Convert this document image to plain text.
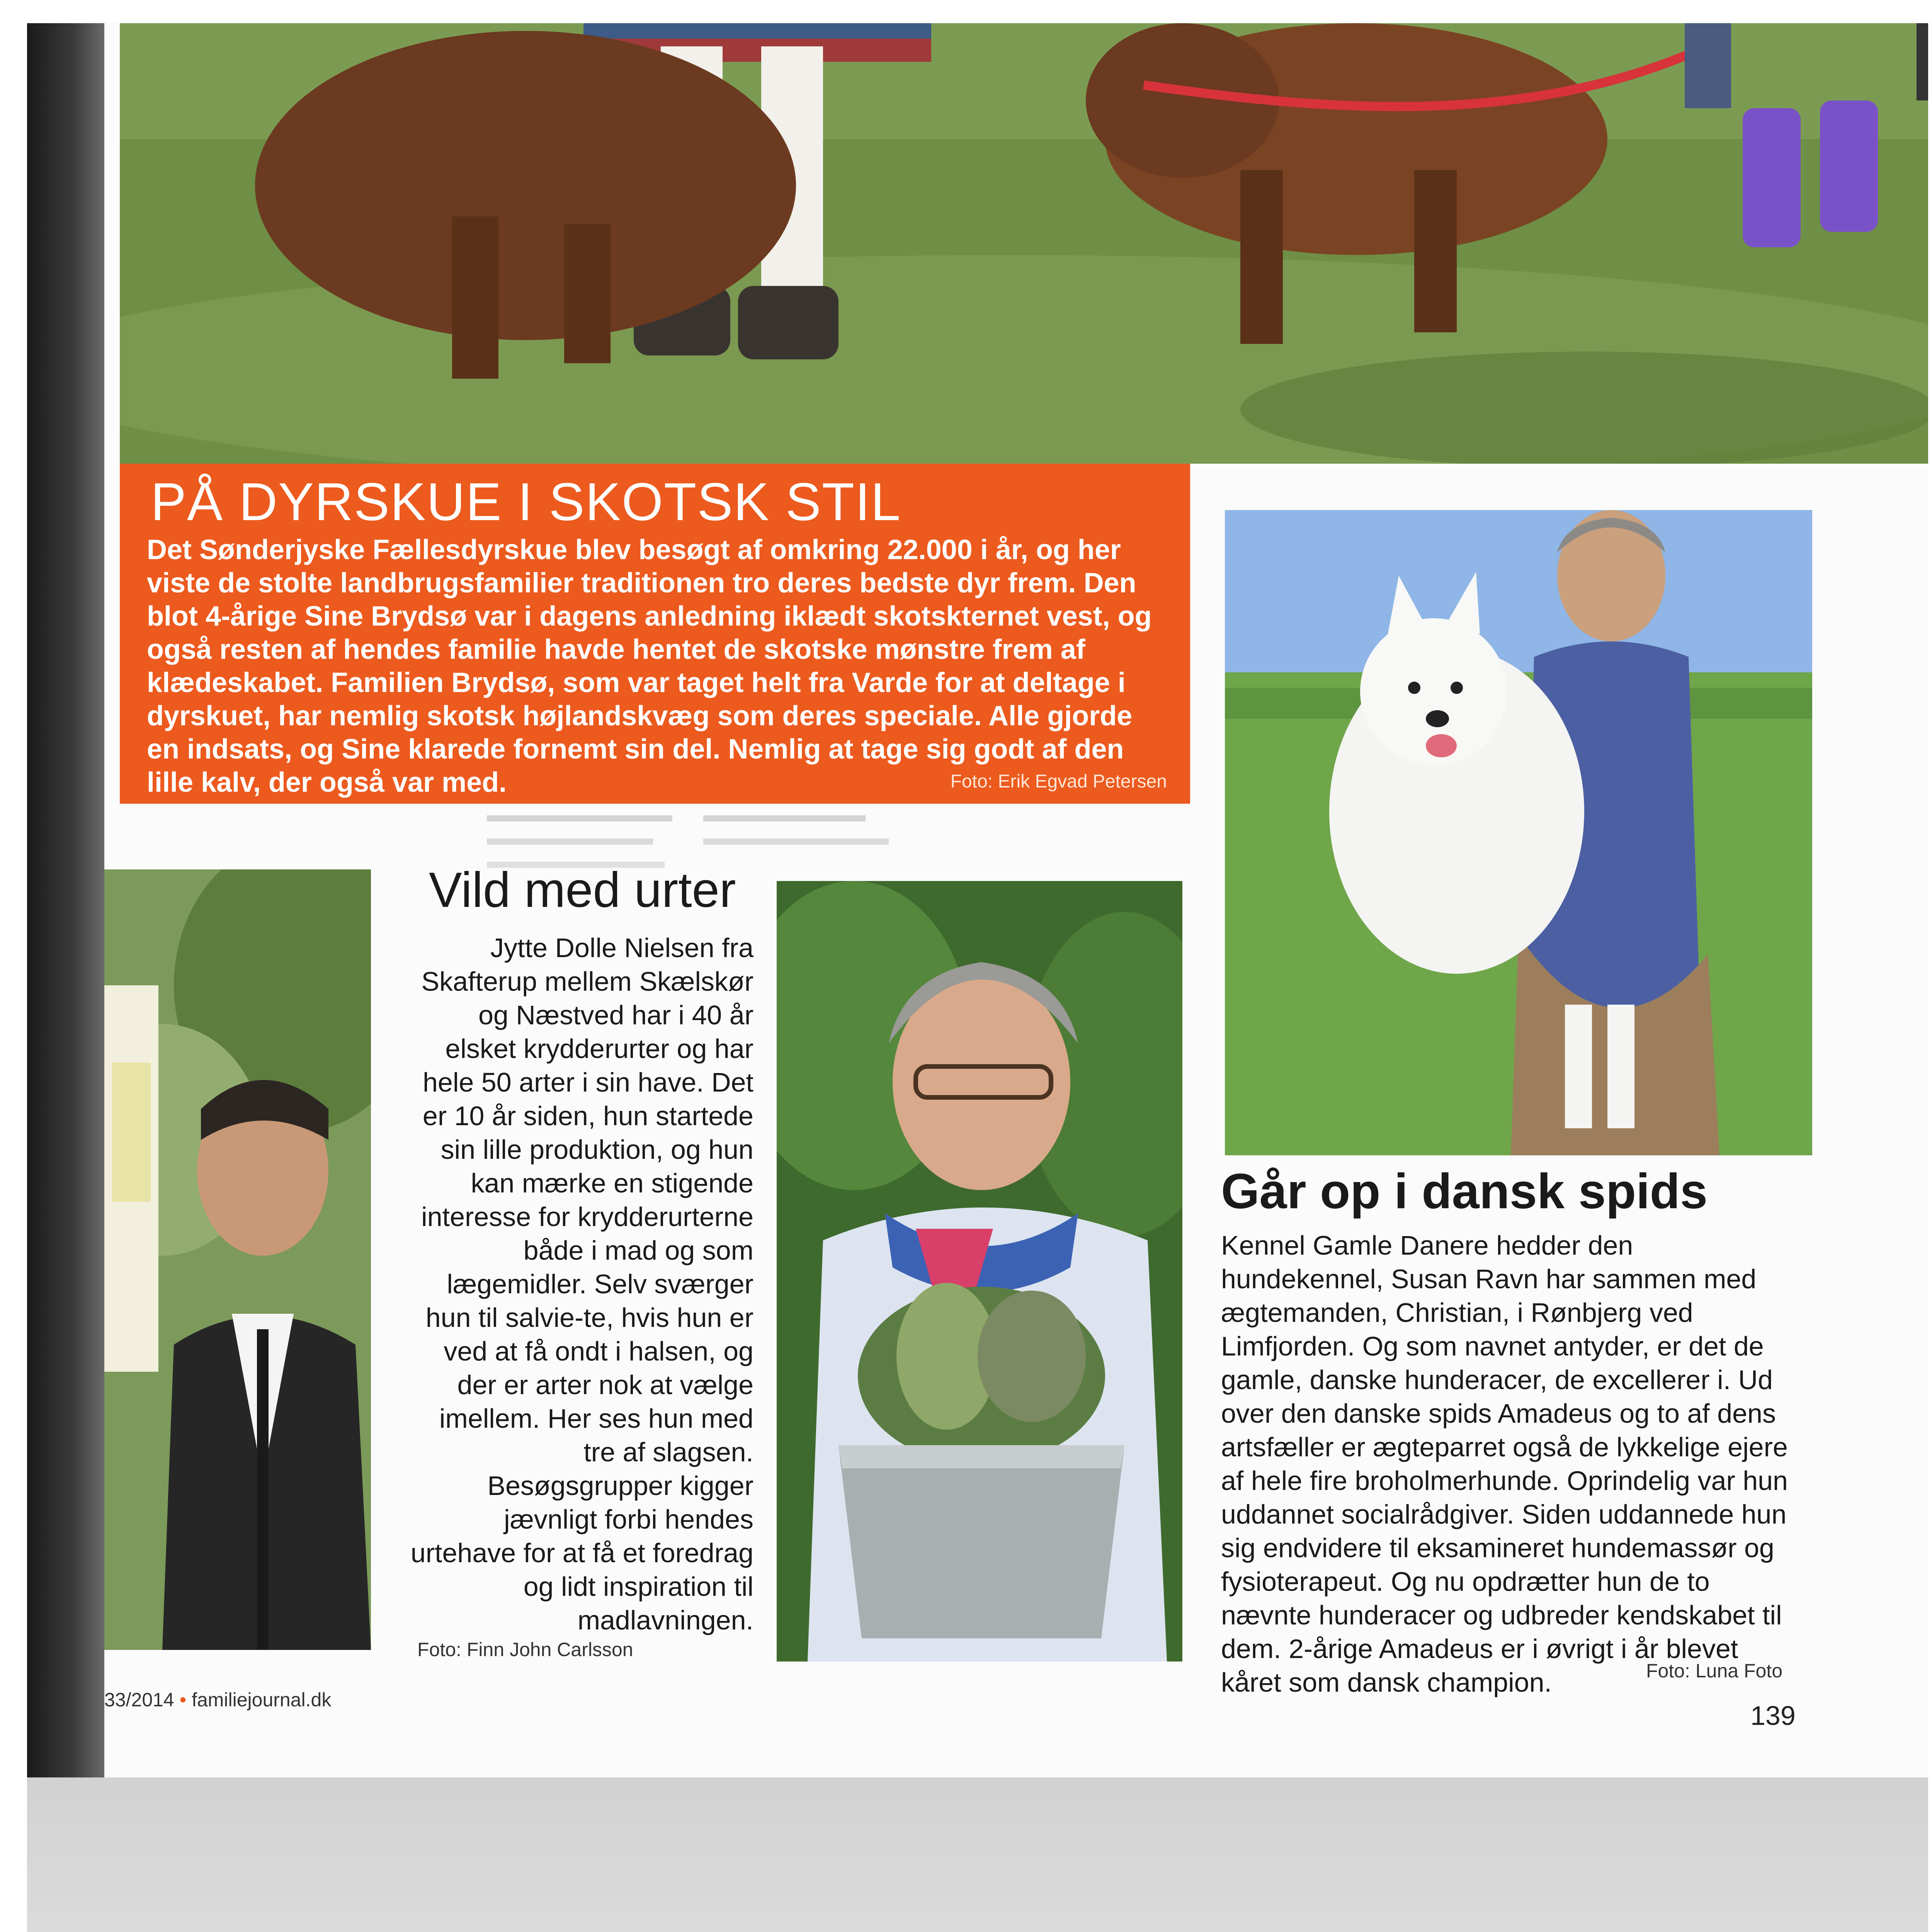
PÅ DYRSKUE I SKOTSK STIL
Det Sønderjyske Fællesdyrskue blev besøgt af omkring 22.000 i år, og her viste de stolte landbrugsfamilier traditionen tro deres bedste dyr frem. Den blot 4-årige Sine Brydsø var i dagens anledning iklædt skotskternet vest, og også resten af hendes familie havde hentet de skotske mønstre frem af klædeskabet. Familien Brydsø, som var taget helt fra Varde for at deltage i dyrskuet, har nemlig skotsk højlandskvæg som deres speciale. Alle gjorde en indsats, og Sine klarede fornemt sin del. Nemlig at tage sig godt af den lille kalv, der også var med.	Foto: Erik Egvad Petersen
Vild med urter
Jytte Dolle Nielsen fra Skafterup mellem Skælskør og Næstved har i 40 år elsket krydderurter og har hele 50 arter i sin have. Det er 10 år siden, hun startede sin lille produktion, og hun kan mærke en stigende interesse for krydderurterne både i mad og som lægemidler. Selv sværger hun til salvie-te, hvis hun er ved at få ondt i halsen, og der er arter nok at vælge imellem. Her ses hun med tre af slagsen. Besøgsgrupper kigger jævnligt forbi hendes urtehave for at få et foredrag og lidt inspiration til madlavningen.
Foto: Finn John Carlsson
Går op i dansk spids
Kennel Gamle Danere hedder den hundekennel, Susan Ravn har sammen med ægtemanden, Christian, i Rønbjerg ved Limfjorden. Og som navnet antyder, er det de gamle, danske hunderacer, de excellerer i. Ud over den danske spids Amadeus og to af dens artsfæller er ægteparret også de lykkelige ejere af hele fire broholmerhunde. Oprindelig var hun uddannet socialrådgiver. Siden uddannede hun sig endvidere til eksamineret hundemassør og fysioterapeut. Og nu opdrætter hun de to nævnte hunderacer og udbreder kendskabet til dem. 2-årige Amadeus er i øvrigt i år blevet kåret som dansk champion.	Foto: Luna Foto
33/2014 • familiejournal.dk
139
